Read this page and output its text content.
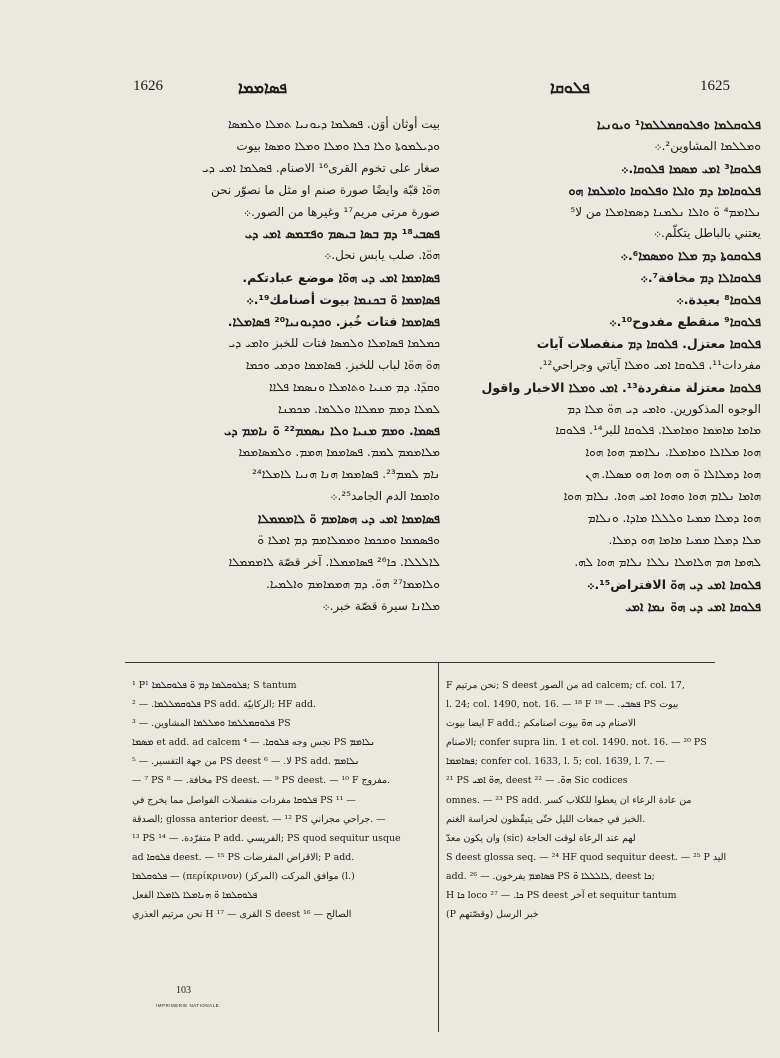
1626	ܦܣܐܡܡܐ	ܦܠܘܩܐ	1625
بيت أوثان أوَن. ܦܣܠܡܐ ܕܝܘܢܝܐ ܬܡܠܐ ܘܠܡܣܐ
ܘܕܝܠܡܘܬܐ ܘܠܐ ܟܠܐ ܘܡܠܐ ܘܡܠܐ ܘܡܣܐ بيوت
صغار على تخوم القرى¹⁶ الاصنام. ܦܣܠܡܐ ܐܡܝ ܕܝ
ܗܘ̈ܐ قبّة وايضًا صورة صنم او مثل ما نصوّر نحن
صورة مرتى مريم¹⁷ وغيرها من الصور.܀
ܦܣܒܝ¹⁸ ܕܡ ܒܣܐ ܒܝܣܡ ܘܦܫܡܣ ܐܡܝ ܕܝ
ܗܘ̈ܐ. صلب يابس نحل.܀
ܦܣܐܡܡܐ ܐܡܝ ܕܝ ܗܘ̈ܐ موضع عبادتكم.
ܦܣܐܡܡܐ ܘ̈ ܒܟܢܡܐ بيوت أصنامك¹⁹.܀
ܦܣܐܡܡܐ فتات خُبز. ܘܟܕܝܘܢܝܐ²⁰ ܦܣܐܡܠܐ.
ܟܡܠܡܐ ܦܣܐܡܠܐ ܘܠܡܣܐ فتات للخبز ܘܐܡܝ ܕܝ
ܗܘ̈ ܗܘ̈ܐ لباب للخبز. ܦܣܐܡܡܐ ܘܕܡܝ ܘܟܡܐ
ܘܩܕ̈ܐ. ܕܡ ܡܢܝܐ ܘܬܐܡܠܐ ܘܢܣܡܐ ܦܠܐܐ
ܠܡܠܐ ܕܡܡ ܡܡܠܐܐ ܘܠܠܡܐ. ܡܟܡܢܐ
ܦܣܡܐ. ܘܡܡ ܡܢܝܐ ܘܠܐ ܢܣܡܡ²² ܘ̈ ܢܐܡܡ ܕܝ
ܡܠܐܡܡܡ ܠܡܡ. ܦܣܐܡܡܐ ܗܡܡ. ܘܠܡܣܐܡܡܐ
ܢܐܡ ܠܡܡ²³. ܦܣܐܡܡܐ ܗܢܐ ܗܢܝܐ ܠܐܡܠܐ²⁴
ܘܐܡܡܐ الدم الجامد²⁵.܀
ܦܣܐܡܡܐ ܐܡܝ ܕܝ ܗܣܐܡܡ ܘ̈ ܠܐܡܡܡܠܐ
ܘܦܣܡܡܐ ܘܡܟܡܐ ܘܡܡܠܐܡܡ ܕܡ ܐܡܠܐ ܘ̈
ܠܐܠܠܠܐ. ܟܐ²⁶ ܦܣܐܡܡܠܐ. آخر قصّة ܠܐܡܡܡܠܐ
ܘܠܐܡܡܐ²⁷ ܗܘ̈. ܕܡ ܗܡܡܐܡܡ ܘܐܠܡܝܐ.
ܡܠܐܢܐ سيرة قصّة خبر.܀
ܦܠܘܩܠܡܐ ܘܦܠܘܩܡܠܠܡܐ¹ ܘܝܘܢܝܐ
ܘܡܠܠܡܐ المشاوين².܀
ܦܠܘܩܐ³ ܐܡܝ ܡܣܡܐ ܦܠܘܩܐ.܀
ܦܠܘܩܐܡܐ ܕܡ ܘܐܠܐ ܘܦܠܘܩܐ ܘܐܡܠܡܐ ܗܘ
ܢܠܐܡܡ⁴ ܘ̈ ܘܐܠܐ ܢܠܡܢܐ ܕܣܡܐܡܠܐ من لا⁵
يعتني بالباطل يتكلّم.܀
ܦܠܘܩܘܬܐ ܕܡ ܡܠܐ ܘܡܣܡܐ⁶.܀
ܦܠܘܩܐܠܐ ܕܡ مخافة⁷.܀
ܦܠܘܩܐ⁸ بعيدة.܀
ܦܠܘܩܐ⁹ منقطع مفدوح¹⁰.܀
ܦܠܘܩܐ معتزل. ܦܠܘܩܐ ܕܡ منفصلات آيات
مفردات¹¹. ܦܠܘܩܐ ܐܡܝ ܘܡܠܐ آياتي وجراحي¹².
ܦܠܘܩܐ معتزلة منفردة¹³. ܐܡܝ ܘܡܠܐ الاخبار واقول
الوجوه المذكورين. ܘܐܡܝ ܕܝ ܗܘ̈ ܡܠܐ ܕܡ
ܡܐܡܐ ܡܐܡܡܐ ܘܡܐܡܠܐ. ܦܠܘܩܐ للبر¹⁴. ܦܠܘܩܐ
ܗܘܐ ܡܠܐܠܐ ܘܡܐܡܠܐ. ܢܠܐܡܡ ܗܘܐ ܗܘܐ
ܗܘܐ ܕܡܠܐܠܐ ܘ̈ ܗܘ ܗܘܐ ܗܘ ܡܣܠܐ. ܗܢ
ܗܐܡܐ ܢܠܐܡ ܗܘܐ ܘܗܘܐ ܐܡܝ ܗܘܐ. ܢܠܐܡ ܗܘܐ
ܗܘܐ ܕܡܠܐ ܡܡܝܐ ܘܠܠܠܐ ܡܐܕܐ. ܘܢܠܐܡ
ܡܠܐ ܕܡܠܐ ܡܡܝܐ ܡܐܡܐ ܗܘ ܕܡܠܐ.
ܠܗܡܐ ܗܡ ܗܠܐܡܠܐ ܢܠܠܐ ܢܠܐܡ ܗܘܐ ܠܗ.
ܦܠܘܩܐ ܐܡܝ ܕܝ ܗܘ̈ الافتراض¹⁵.܀
ܦܠܘܩܐ ܐܡܝ ܕܝ ܗܘ̈ ܢܡܐ ܐܡܝ
¹ P¹ ܦܠܘܩܠܡܐ ܕܡ ܘ̈ ܦܠܘܩܠܡܐ; S tantum
ܦܠܘܩܡܠܠܡܐ. — ² PS add. الركابيّة; HF add.
ܦܠܘܩܡܠܠܡܐ ܘܡܠܠܡܐ المشاوين. — ³ PS
ܡܣܡܐ et add. ad calcem نجس وجه ܦܠܘܩܐ. — ⁴ PS ܢܠܐܡܡ
من جهة التفسير. — ⁵ PS deest لا. — ⁶ PS add. ܢܠܐܡܡ
— ⁷ PS مخافة. — ⁸ PS deest. — ⁹ PS deest. — ¹⁰ F مفروج.
ܦܠܘܩܐ مفردات منفصلات الفواصل مما يخرج في PS ¹¹ —
الصدقة; glossa anterior deest. — ¹² PS جراحي مجراني. —
¹³ PS متفرّدة. — ¹⁴ P add. الفريسي; PS quod sequitur usque
ad ܦܠܘܩܐ deest. — ¹⁵ PS الاقراض المفرضات; P add.
ܦܠܘܩܠܡܐ — (περίκρινον) موافق المركت (المركز) (l.)
ܦܠܘܩܠܡܐ ܘ̈ ܗܢܐܡܠܐ ܠܐܡܠܐ الفعل
نحن مرتيم العذري H ¹⁷ — القرى S deest ¹⁶ — الصالح
F نحن مرتيم; S deest من الصور ad calcem; cf. col. 17,
l. 24; col. 1490, not. 16. — ¹⁸ F ܦܣܒܝ. — ¹⁹ PS بيوت
ايضا بيوت F add.; الاصنام ܕܝ ܗܘ̈ بيوت اصنامكم
الاصنام; confer supra lin. 1 et col. 1490. not. 16. — ²⁰ PS
ܦܣܐܡܡܐ; confer col. 1633, l. 5; col. 1639, l. 7. —
²¹ PS ܗܘ̈ ܐܡܝ, deest ܗܘ̈. — ²² Sic codices
omnes. — ²³ PS add. من عادة الرعاء ان يعطوا للكلاب كسر
الخبز في جمعات الليل حتّى يتيقّظون لحراسة الغنم.
وان يكون معدّ (sic) لهم عند الرعاة لوقت الحاجة
S deest glossa seq. — ²⁴ HF quod sequitur deest. — ²⁵ P اليد
add. ܦܣܐܡܡ يفرخون. — ²⁶ PS ܠܐܠܠܠܐ ܘ̈, deest ܟܐ;
H ܟܐ loco ܟܐ. — ²⁷ PS deest آخر et sequitur tantum
(P خبر الرسل (وقصّتهم
103
IMPRIMERIE NATIONALE.
